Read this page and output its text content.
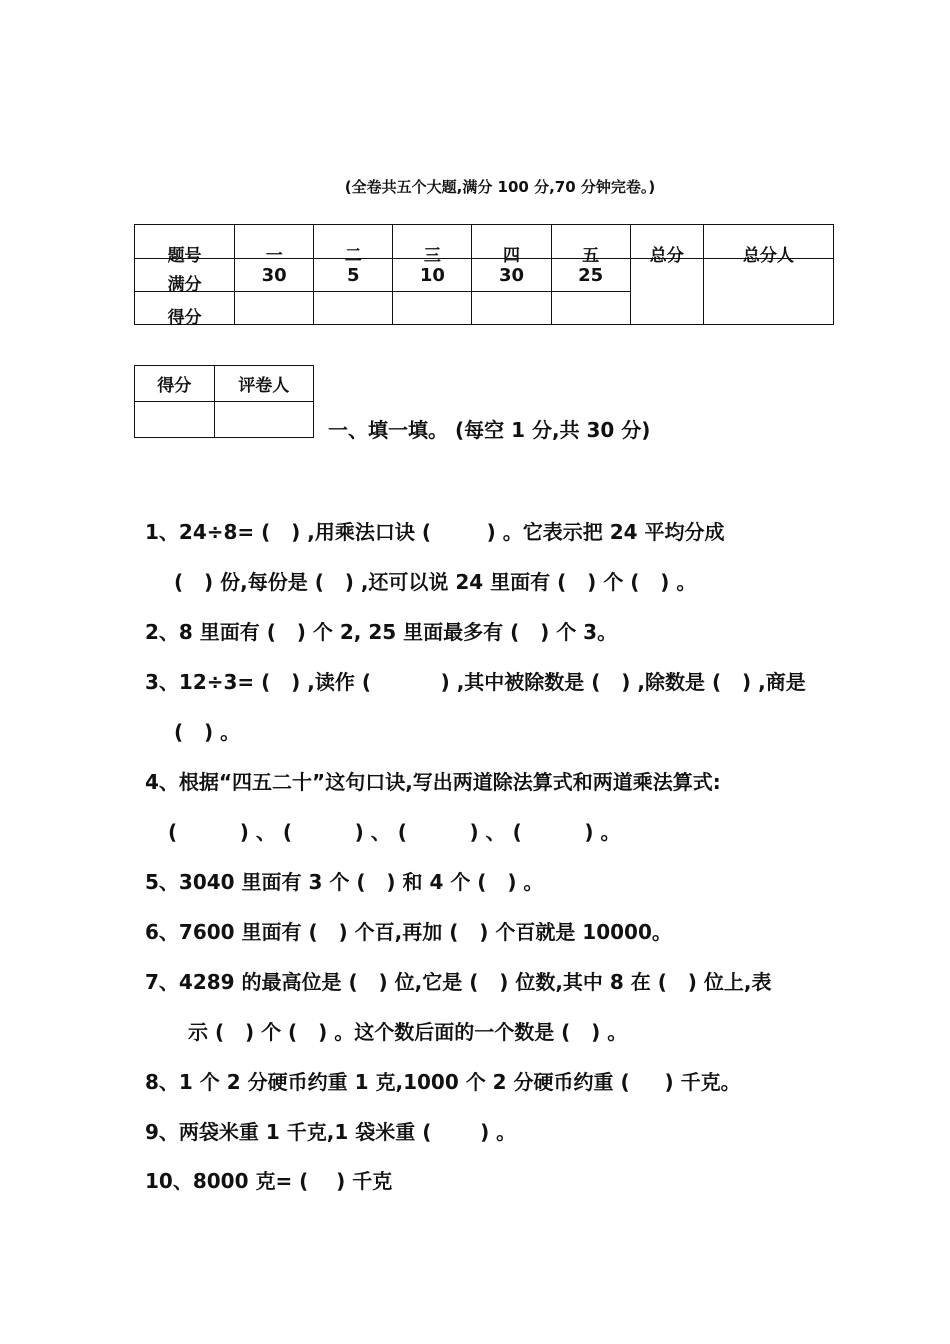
(全卷共五个大题,满分 100 分,70 分钟完卷。)
题号	一	二	三	四	五	总分	总分人
满分	30	5	10	30	25		
得分							
得分	评卷人

一、填一填。 (每空 1 分,共 30 分)
1、24÷8= (   ) ,用乘法口诀 (        ) 。它表示把 24 平均分成
(   ) 份,每份是 (   ) ,还可以说 24 里面有 (   ) 个 (   ) 。
2、8 里面有 (   ) 个 2, 25 里面最多有 (   ) 个 3。
3、12÷3= (   ) ,读作 (          ) ,其中被除数是 (   ) ,除数是 (   ) ,商是
(   ) 。
4、根据“四五二十”这句口诀,写出两道除法算式和两道乘法算式:
(         ) 、 (         ) 、 (         ) 、 (         ) 。
5、3040 里面有 3 个 (   ) 和 4 个 (   ) 。
6、7600 里面有 (   ) 个百,再加 (   ) 个百就是 10000。
7、4289 的最高位是 (   ) 位,它是 (   ) 位数,其中 8 在 (   ) 位上,表
示 (   ) 个 (   ) 。这个数后面的一个数是 (   ) 。
8、1 个 2 分硬币约重 1 克,1000 个 2 分硬币约重 (     ) 千克。
9、两袋米重 1 千克,1 袋米重 (       ) 。
10、8000 克= (    ) 千克
